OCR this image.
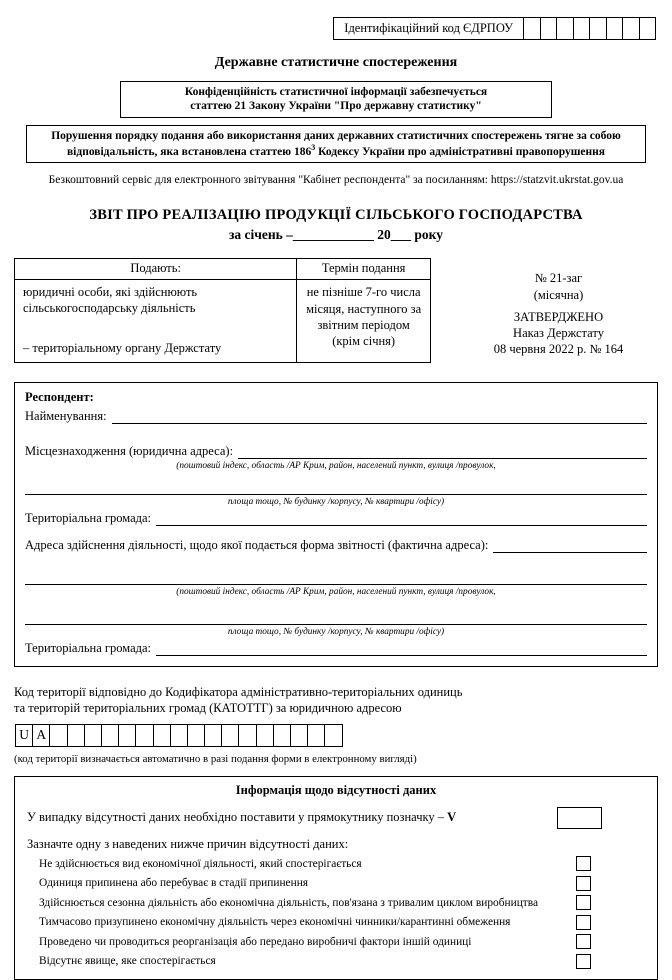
Ідентифікаційний код ЄДРПОУ
Державне статистичне спостереження
Конфіденційність статистичної інформації забезпечується
статтею 21 Закону України "Про державну статистику"
Порушення порядку подання або використання даних державних статистичних спостережень тягне за собою
відповідальність, яка встановлена статтею $186^3$ Кодексу України про адміністративні правопорушення
Безкоштовний сервіс для електронного звітування "Кабінет респондента" за посиланням: https://statzvit.ukrstat.gov.ua
ЗВІТ ПРО РЕАЛІЗАЦІЮ ПРОДУКЦІЇ СІЛЬСЬКОГО ГОСПОДАРСТВА
за січень –____________ 20___ року
Подають:	Термін подання

юридичні особи, які здійснюють сільськогосподарську діяльність
– територіальному органу Держстату	не пізніше 7-го числа місяця, наступного за звітним періодом (крім січня)
№ 21-заг
(місячна)
ЗАТВЕРДЖЕНО
Наказ Держстату
08 червня 2022 р. № 164
Респондент:
Найменування:
Місцезнаходження (юридична адреса):
(поштовий індекс, область /АР Крим, район, населений пункт, вулиця /провулок,
площа тощо, № будинку /корпусу, № квартири /офісу)
Територіальна громада:
Адреса здійснення діяльності, щодо якої подається форма звітності (фактична адреса):
(поштовий індекс, область /АР Крим, район, населений пункт, вулиця /провулок,
площа тощо, № будинку /корпусу, № квартири /офісу)
Територіальна громада:
Код території відповідно до Кодифікатора адміністративно-територіальних одиниць
та територій територіальних громад (КАТОТТГ) за юридичною адресою
U A
(код території визначається автоматично в разі подання форми в електронному вигляді)
Інформація щодо відсутності даних
У випадку відсутності даних необхідно поставити у прямокутнику позначку – V
Зазначте одну з наведених нижче причин відсутності даних:
Не здійснюється вид економічної діяльності, який спостерігається
Одиниця припинена або перебуває в стадії припинення
Здійснюється сезонна діяльність або економічна діяльність, пов'язана з тривалим циклом виробництва
Тимчасово призупинено економічну діяльність через економічні чинники/карантинні обмеження
Проведено чи проводиться реорганізація або передано виробничі фактори іншій одиниці
Відсутнє явище, яке спостерігається
